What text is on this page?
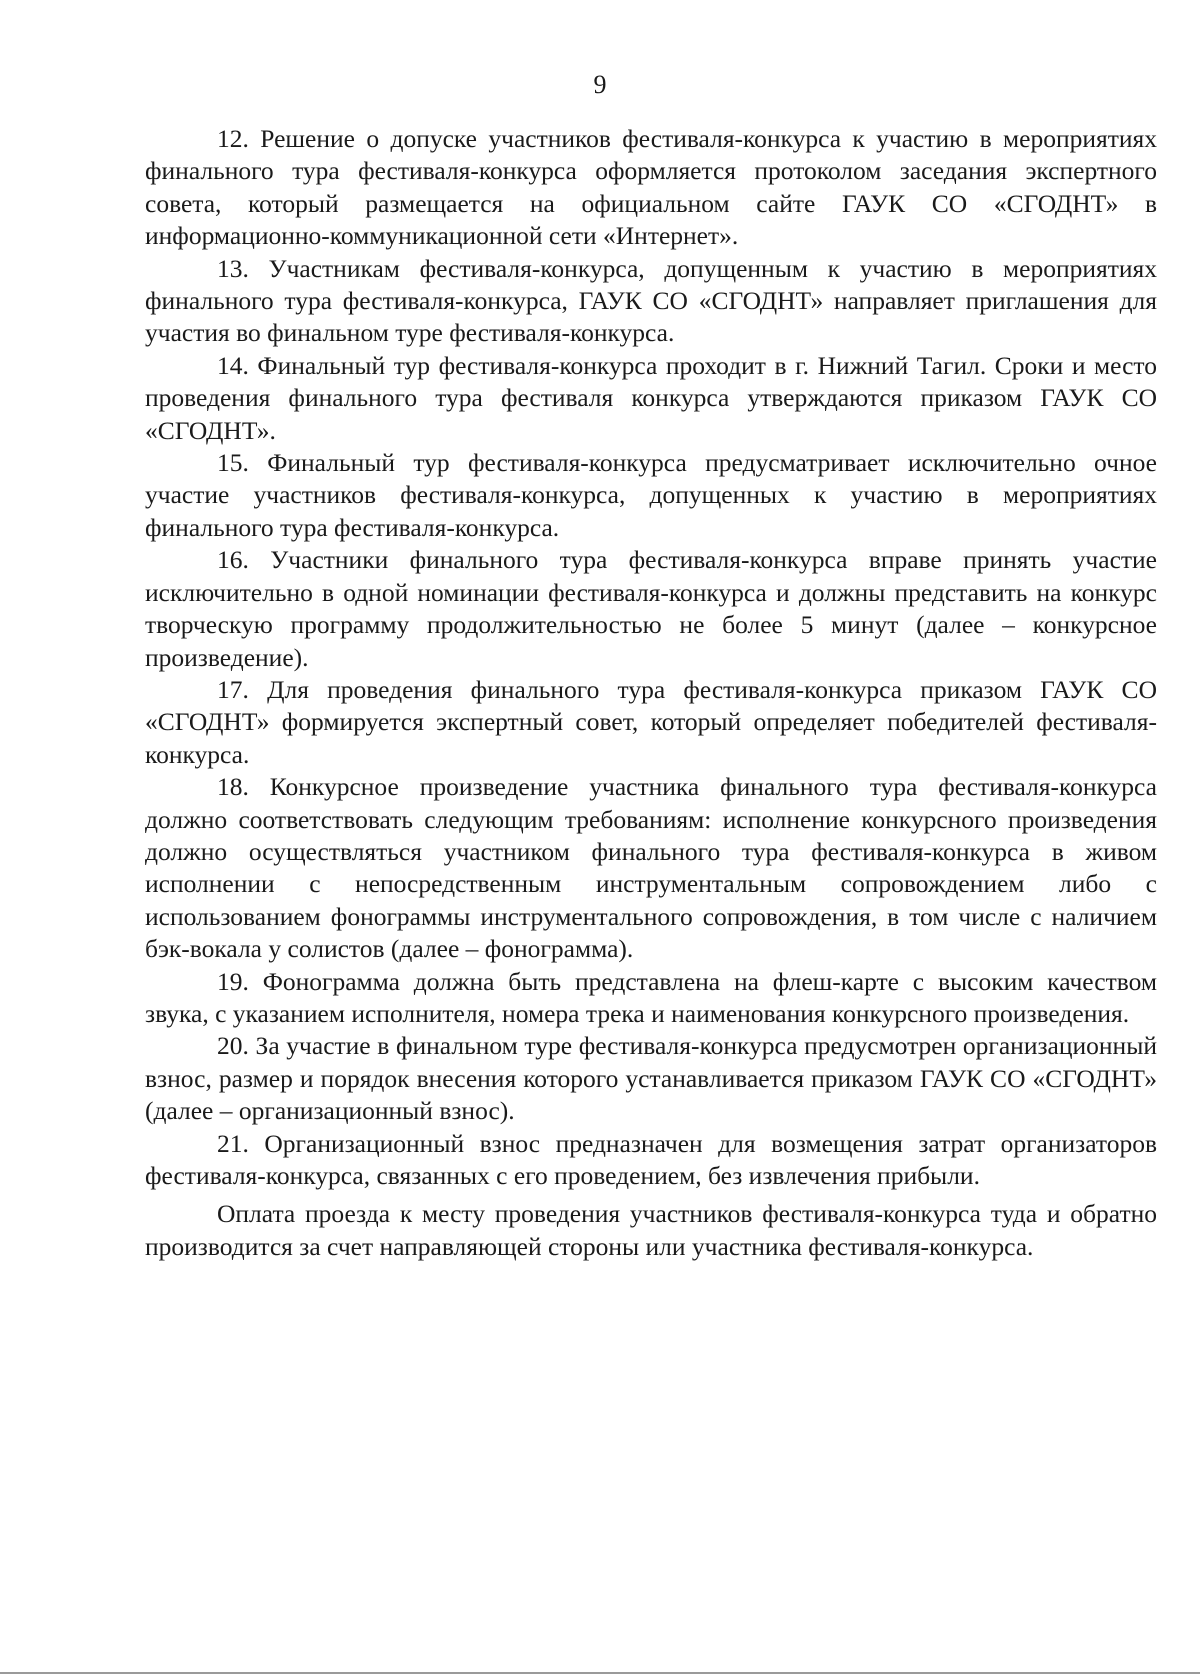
9

12. Решение о допуске участников фестиваля-конкурса к участию в мероприятиях финального тура фестиваля-конкурса оформляется протоколом заседания экспертного совета, который размещается на официальном сайте ГАУК СО «СГОДНТ» в информационно-коммуникационной сети «Интернет».

13. Участникам фестиваля-конкурса, допущенным к участию в мероприятиях финального тура фестиваля-конкурса, ГАУК СО «СГОДНТ» направляет приглашения для участия во финальном туре фестиваля-конкурса.

14. Финальный тур фестиваля-конкурса проходит в г. Нижний Тагил. Сроки и место проведения финального тура фестиваля конкурса утверждаются приказом ГАУК СО «СГОДНТ».

15. Финальный тур фестиваля-конкурса предусматривает исключительно очное участие участников фестиваля-конкурса, допущенных к участию в мероприятиях финального тура фестиваля-конкурса.

16. Участники финального тура фестиваля-конкурса вправе принять участие исключительно в одной номинации фестиваля-конкурса и должны представить на конкурс творческую программу продолжительностью не более 5 минут (далее – конкурсное произведение).

17. Для проведения финального тура фестиваля-конкурса приказом ГАУК СО «СГОДНТ» формируется экспертный совет, который определяет победителей фестиваля-конкурса.

18. Конкурсное произведение участника финального тура фестиваля-конкурса должно соответствовать следующим требованиям: исполнение конкурсного произведения должно осуществляться участником финального тура фестиваля-конкурса в живом исполнении с непосредственным инструментальным сопровождением либо с использованием фонограммы инструментального сопровождения, в том числе с наличием бэк-вокала у солистов (далее – фонограмма).

19. Фонограмма должна быть представлена на флеш-карте с высоким качеством звука, с указанием исполнителя, номера трека и наименования конкурсного произведения.

20. За участие в финальном туре фестиваля-конкурса предусмотрен организационный взнос, размер и порядок внесения которого устанавливается приказом ГАУК СО «СГОДНТ» (далее – организационный взнос).

21. Организационный взнос предназначен для возмещения затрат организаторов фестиваля-конкурса, связанных с его проведением, без извлечения прибыли.

Оплата проезда к месту проведения участников фестиваля-конкурса туда и обратно производится за счет направляющей стороны или участника фестиваля-конкурса.
